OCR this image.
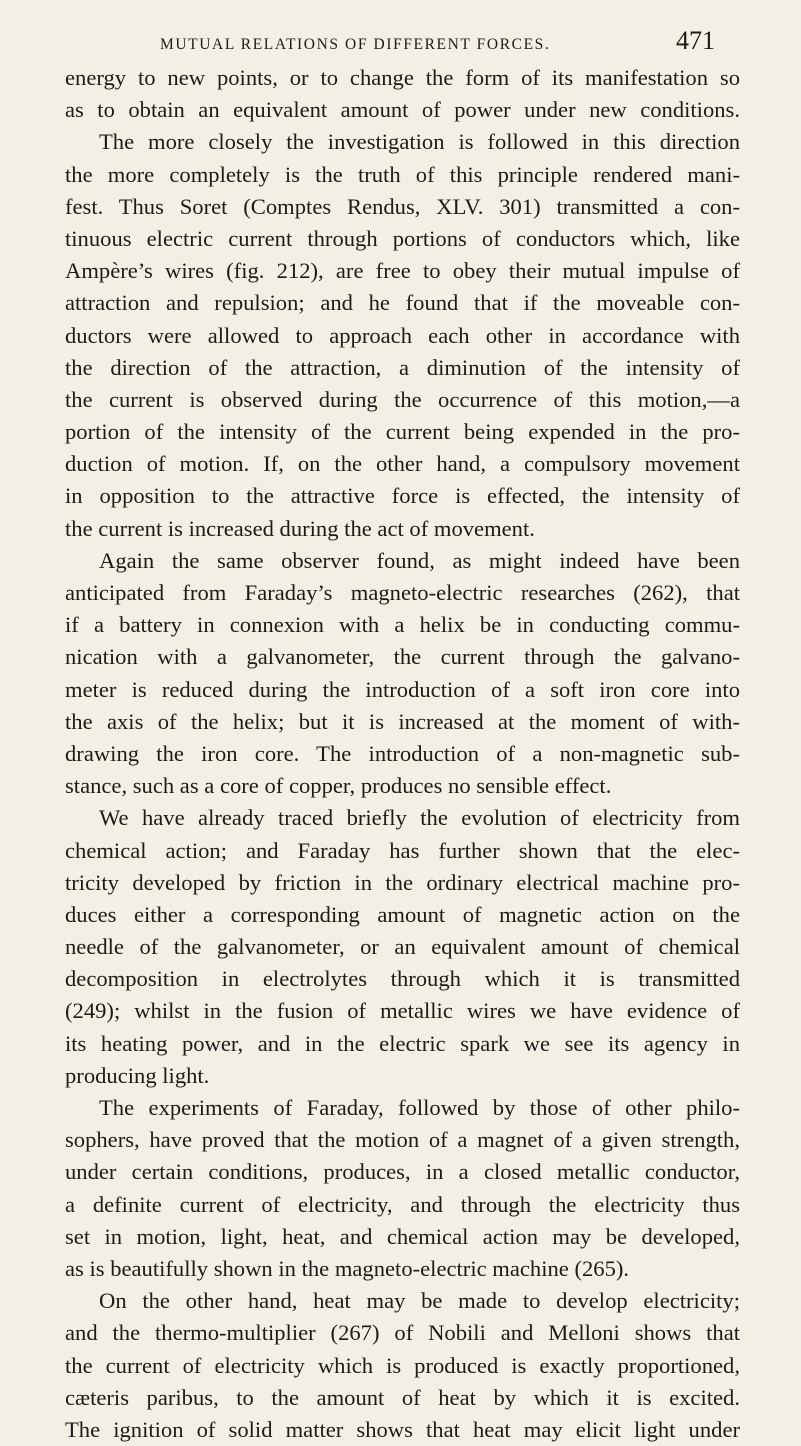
MUTUAL RELATIONS OF DIFFERENT FORCES.	471
energy to new points, or to change the form of its manifestation so
as to obtain an equivalent amount of power under new conditions.
The more closely the investigation is followed in this direction
the more completely is the truth of this principle rendered mani-
fest. Thus Soret (Comptes Rendus, XLV. 301) transmitted a con-
tinuous electric current through portions of conductors which, like
Ampère’s wires (fig. 212), are free to obey their mutual impulse of
attraction and repulsion; and he found that if the moveable con-
ductors were allowed to approach each other in accordance with
the direction of the attraction, a diminution of the intensity of
the current is observed during the occurrence of this motion,—a
portion of the intensity of the current being expended in the pro-
duction of motion. If, on the other hand, a compulsory movement
in opposition to the attractive force is effected, the intensity of
the current is increased during the act of movement.
Again the same observer found, as might indeed have been
anticipated from Faraday’s magneto-electric researches (262), that
if a battery in connexion with a helix be in conducting commu-
nication with a galvanometer, the current through the galvano-
meter is reduced during the introduction of a soft iron core into
the axis of the helix; but it is increased at the moment of with-
drawing the iron core. The introduction of a non-magnetic sub-
stance, such as a core of copper, produces no sensible effect.
We have already traced briefly the evolution of electricity from
chemical action; and Faraday has further shown that the elec-
tricity developed by friction in the ordinary electrical machine pro-
duces either a corresponding amount of magnetic action on the
needle of the galvanometer, or an equivalent amount of chemical
decomposition in electrolytes through which it is transmitted
(249); whilst in the fusion of metallic wires we have evidence of
its heating power, and in the electric spark we see its agency in
producing light.
The experiments of Faraday, followed by those of other philo-
sophers, have proved that the motion of a magnet of a given strength,
under certain conditions, produces, in a closed metallic conductor,
a definite current of electricity, and through the electricity thus
set in motion, light, heat, and chemical action may be developed,
as is beautifully shown in the magneto-electric machine (265).
On the other hand, heat may be made to develop electricity;
and the thermo-multiplier (267) of Nobili and Melloni shows that
the current of electricity which is produced is exactly proportioned,
cæteris paribus, to the amount of heat by which it is excited.
The ignition of solid matter shows that heat may elicit light under
